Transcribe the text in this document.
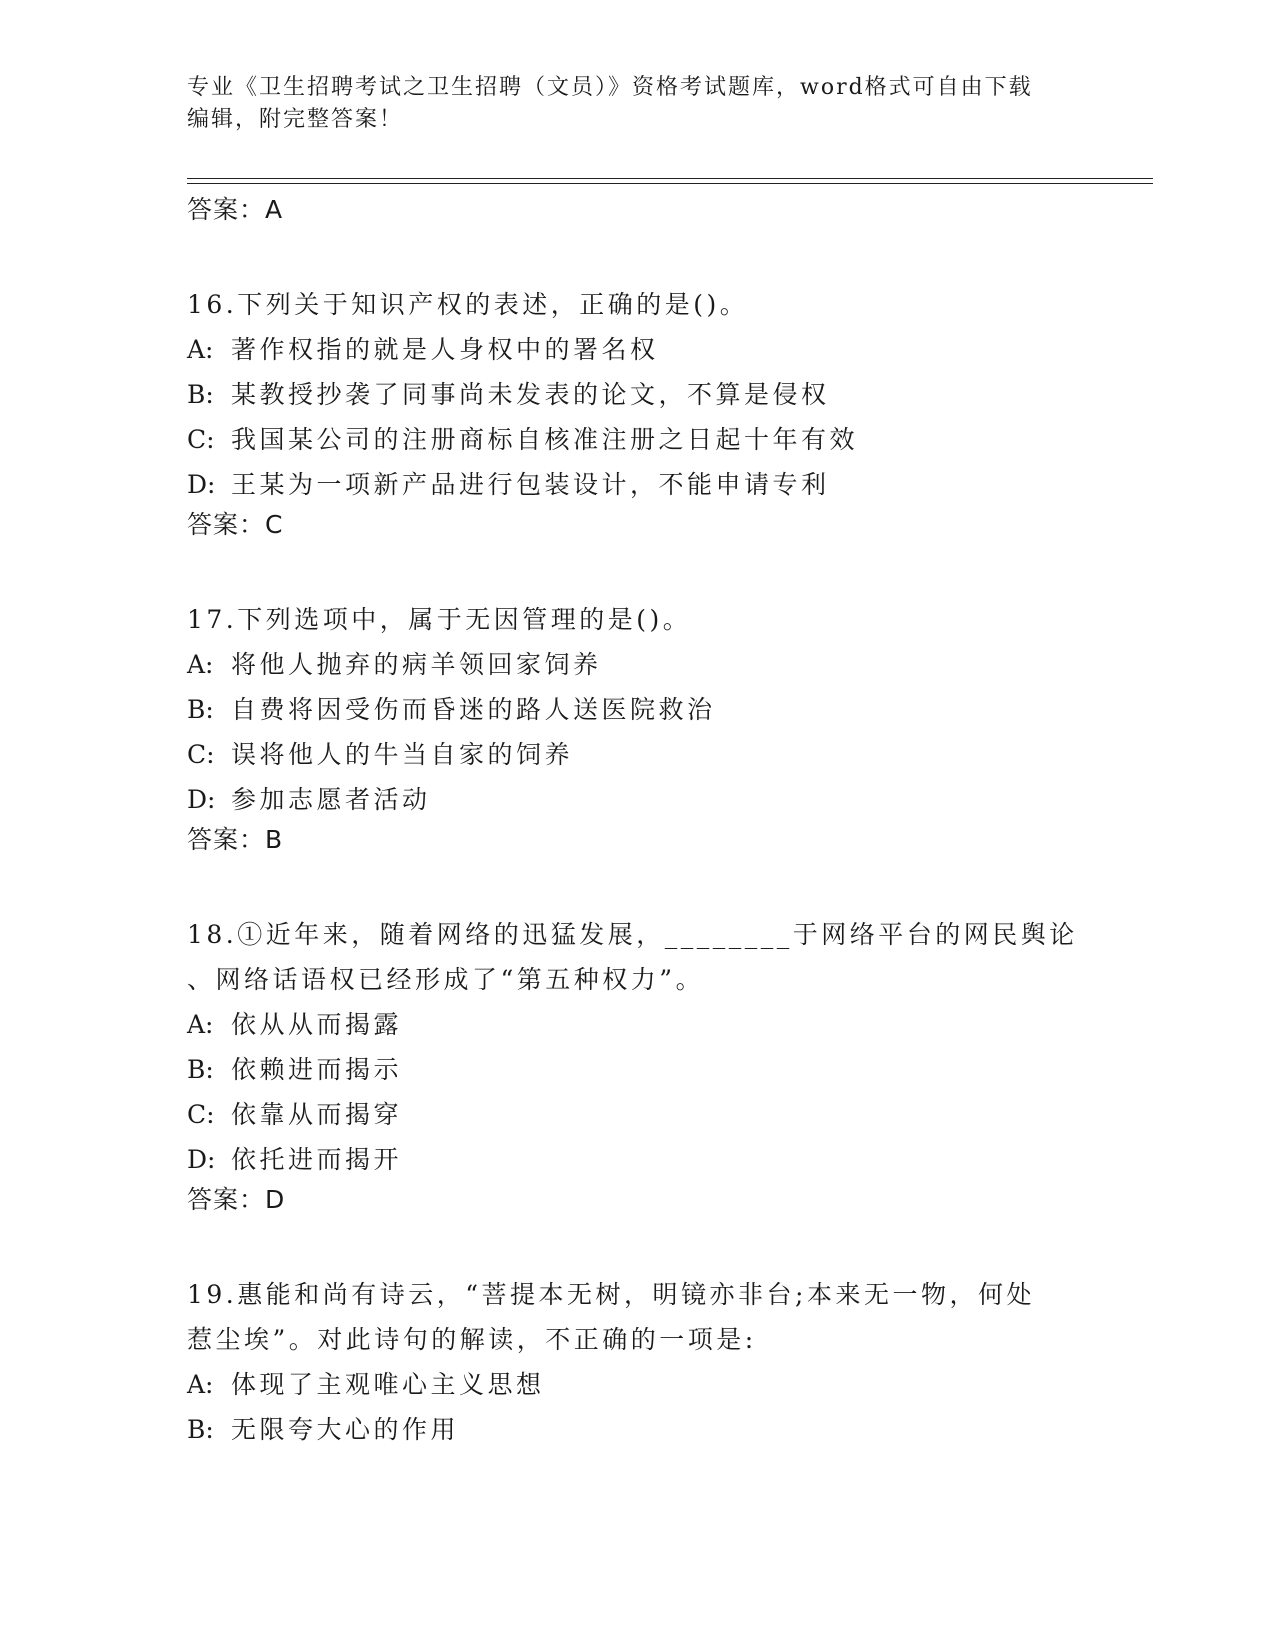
专业《卫生招聘考试之卫生招聘（文员）》资格考试题库，word格式可自由下载
编辑，附完整答案！
答案：A
16.下列关于知识产权的表述，正确的是()。
A: 著作权指的就是人身权中的署名权
B: 某教授抄袭了同事尚未发表的论文，不算是侵权
C: 我国某公司的注册商标自核准注册之日起十年有效
D: 王某为一项新产品进行包装设计，不能申请专利
答案：C
17.下列选项中，属于无因管理的是()。
A: 将他人抛弃的病羊领回家饲养
B: 自费将因受伤而昏迷的路人送医院救治
C: 误将他人的牛当自家的饲养
D: 参加志愿者活动
答案：B
18.①近年来，随着网络的迅猛发展，________于网络平台的网民舆论
、网络话语权已经形成了“第五种权力”。
A: 依从从而揭露
B: 依赖进而揭示
C: 依靠从而揭穿
D: 依托进而揭开
答案：D
19.惠能和尚有诗云，“菩提本无树，明镜亦非台;本来无一物，何处
惹尘埃”。对此诗句的解读，不正确的一项是:
A: 体现了主观唯心主义思想
B: 无限夸大心的作用
